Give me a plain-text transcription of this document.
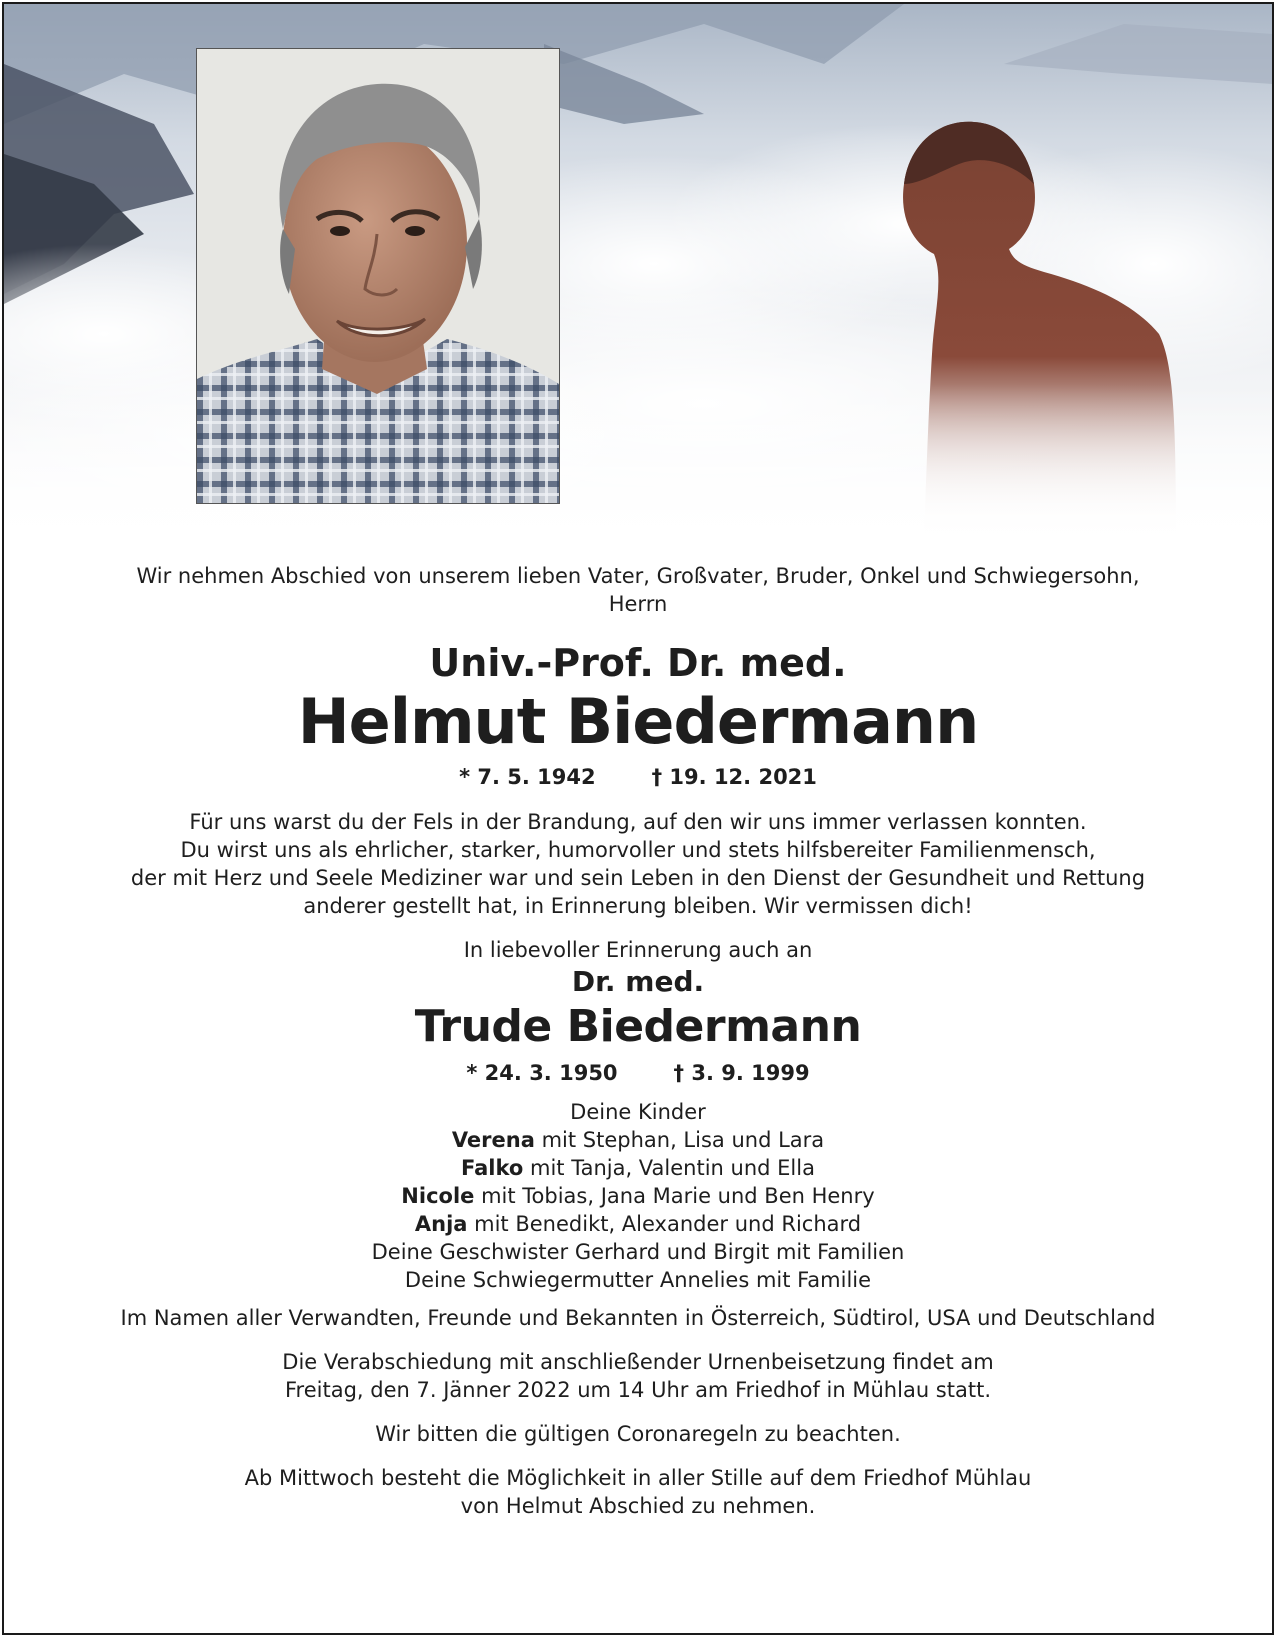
Wir nehmen Abschied von unserem lieben Vater, Großvater, Bruder, Onkel und Schwiegersohn,
Herrn
Univ.-Prof. Dr. med.
Helmut Biedermann
* 7. 5. 1942	† 19. 12. 2021
Für uns warst du der Fels in der Brandung, auf den wir uns immer verlassen konnten.
Du wirst uns als ehrlicher, starker, humorvoller und stets hilfsbereiter Familienmensch,
der mit Herz und Seele Mediziner war und sein Leben in den Dienst der Gesundheit und Rettung
anderer gestellt hat, in Erinnerung bleiben. Wir vermissen dich!
In liebevoller Erinnerung auch an
Dr. med.
Trude Biedermann
* 24. 3. 1950	† 3. 9. 1999
Deine Kinder
Verena mit Stephan, Lisa und Lara
Falko mit Tanja, Valentin und Ella
Nicole mit Tobias, Jana Marie und Ben Henry
Anja mit Benedikt, Alexander und Richard
Deine Geschwister Gerhard und Birgit mit Familien
Deine Schwiegermutter Annelies mit Familie
Im Namen aller Verwandten, Freunde und Bekannten in Österreich, Südtirol, USA und Deutschland
Die Verabschiedung mit anschließender Urnenbeisetzung findet am
Freitag, den 7. Jänner 2022 um 14 Uhr am Friedhof in Mühlau statt.
Wir bitten die gültigen Coronaregeln zu beachten.
Ab Mittwoch besteht die Möglichkeit in aller Stille auf dem Friedhof Mühlau
von Helmut Abschied zu nehmen.
